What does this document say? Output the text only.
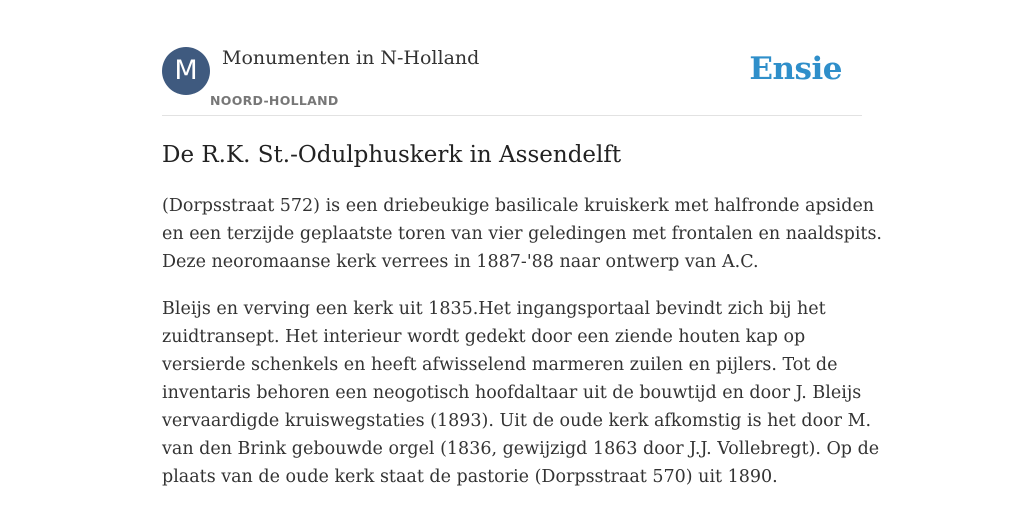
M	Monumenten in N-Holland
NOORD-HOLLAND
Ensie
De R.K. St.-Odulphuskerk in Assendelft

(Dorpsstraat 572) is een driebeukige basilicale kruiskerk met halfronde apsiden
en een terzijde geplaatste toren van vier geledingen met frontalen en naaldspits.
Deze neoromaanse kerk verrees in 1887-'88 naar ontwerp van A.C.

Bleijs en verving een kerk uit 1835.Het ingangsportaal bevindt zich bij het
zuidtransept. Het interieur wordt gedekt door een ziende houten kap op
versierde schenkels en heeft afwisselend marmeren zuilen en pijlers. Tot de
inventaris behoren een neogotisch hoofdaltaar uit de bouwtijd en door J. Bleijs
vervaardigde kruiswegstaties (1893). Uit de oude kerk afkomstig is het door M.
van den Brink gebouwde orgel (1836, gewijzigd 1863 door J.J. Vollebregt). Op de
plaats van de oude kerk staat de pastorie (Dorpsstraat 570) uit 1890.
